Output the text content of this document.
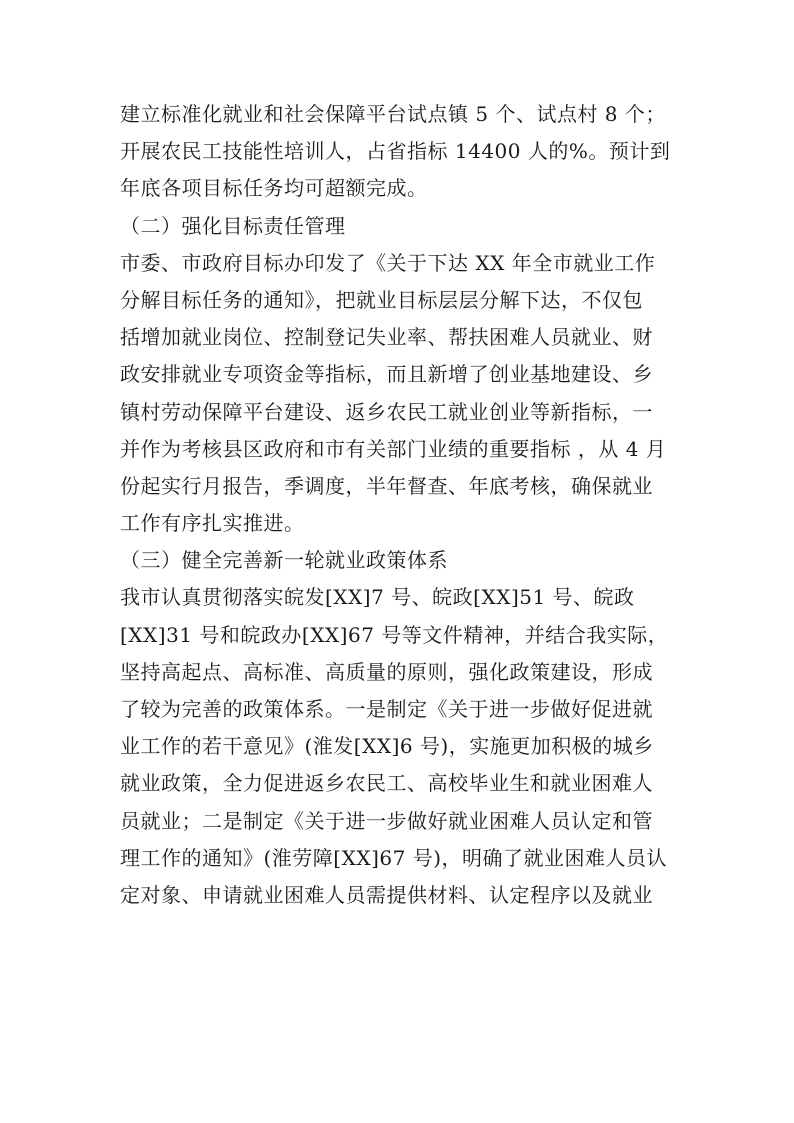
建立标准化就业和社会保障平台试点镇 5 个、试点村 8 个；
开展农民工技能性培训人，占省指标 14400 人的%。预计到
年底各项目标任务均可超额完成。
（二）强化目标责任管理
市委、市政府目标办印发了《关于下达 XX 年全市就业工作
分解目标任务的通知》，把就业目标层层分解下达，不仅包
括增加就业岗位、控制登记失业率、帮扶困难人员就业、财
政安排就业专项资金等指标，而且新增了创业基地建设、乡
镇村劳动保障平台建设、返乡农民工就业创业等新指标，一
并作为考核县区政府和市有关部门业绩的重要指标 ，从 4 月
份起实行月报告，季调度，半年督查、年底考核，确保就业
工作有序扎实推进。
（三）健全完善新一轮就业政策体系
我市认真贯彻落实皖发[XX]7 号、皖政[XX]51 号、皖政
[XX]31 号和皖政办[XX]67 号等文件精神，并结合我实际，
坚持高起点、高标准、高质量的原则，强化政策建设，形成
了较为完善的政策体系。一是制定《关于进一步做好促进就
业工作的若干意见》(淮发[XX]6 号)，实施更加积极的城乡
就业政策，全力促进返乡农民工、高校毕业生和就业困难人
员就业；二是制定《关于进一步做好就业困难人员认定和管
理工作的通知》(淮劳障[XX]67 号)，明确了就业困难人员认
定对象、申请就业困难人员需提供材料、认定程序以及就业
